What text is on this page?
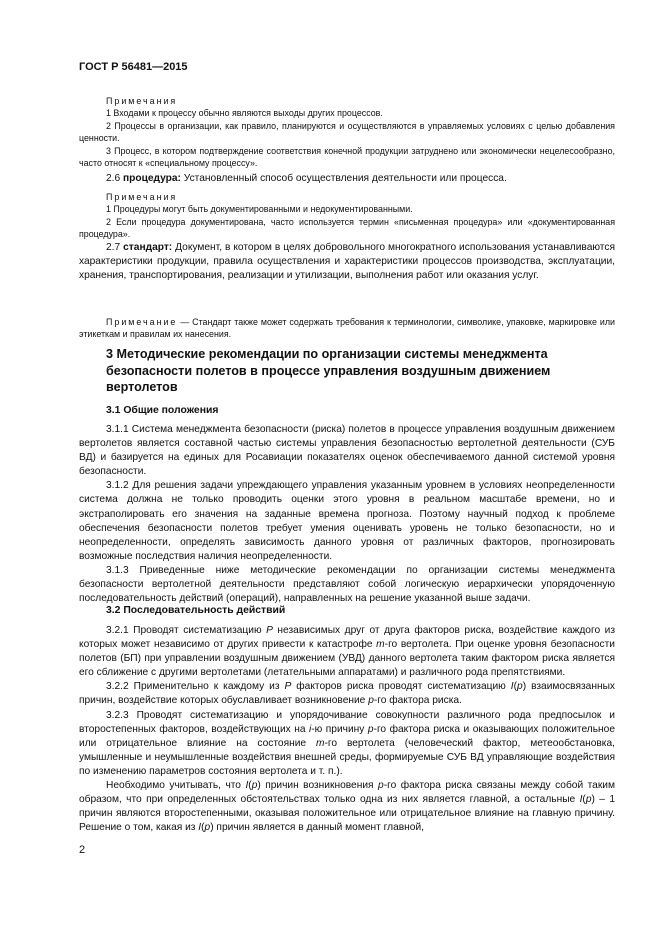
ГОСТ Р 56481—2015

Примечания

1 Входами к процессу обычно являются выходы других процессов.

2 Процессы в организации, как правило, планируются и осуществляются в управляемых условиях с целью добавления ценности.

3 Процесс, в котором подтверждение соответствия конечной продукции затруднено или экономически нецелесообразно, часто относят к «специальному процессу».

2.6 процедура: Установленный способ осуществления деятельности или процесса.

Примечания

1 Процедуры могут быть документированными и недокументированными.

2 Если процедура документирована, часто используется термин «письменная процедура» или «документированная процедура».

2.7 стандарт: Документ, в котором в целях добровольного многократного использования устанавливаются характеристики продукции, правила осуществления и характеристики процессов производства, эксплуатации, хранения, транспортирования, реализации и утилизации, выполнения работ или оказания услуг.

Примечание — Стандарт также может содержать требования к терминологии, символике, упаковке, маркировке или этикеткам и правилам их нанесения.

3 Методические рекомендации по организации системы менеджмента безопасности полетов в процессе управления воздушным движением вертолетов

3.1 Общие положения

3.1.1 Система менеджмента безопасности (риска) полетов в процессе управления воздушным движением вертолетов является составной частью системы управления безопасностью вертолетной деятельности (СУБ ВД) и базируется на единых для Росавиации показателях оценок обеспечиваемого данной системой уровня безопасности.

3.1.2 Для решения задачи упреждающего управления указанным уровнем в условиях неопределенности система должна не только проводить оценки этого уровня в реальном масштабе времени, но и экстраполировать его значения на заданные времена прогноза. Поэтому научный подход к проблеме обеспечения безопасности полетов требует умения оценивать уровень не только безопасности, но и неопределенности, определять зависимость данного уровня от различных факторов, прогнозировать возможные последствия наличия неопределенности.

3.1.3 Приведенные ниже методические рекомендации по организации системы менеджмента безопасности вертолетной деятельности представляют собой логическую иерархически упорядоченную последовательность действий (операций), направленных на решение указанной выше задачи.

3.2 Последовательность действий

3.2.1 Проводят систематизацию P независимых друг от друга факторов риска, воздействие каждого из которых может независимо от других привести к катастрофе m-го вертолета. При оценке уровня безопасности полетов (БП) при управлении воздушным движением (УВД) данного вертолета таким фактором риска является его сближение с другими вертолетами (летательными аппаратами) и различного рода препятствиями.

3.2.2 Применительно к каждому из P факторов риска проводят систематизацию I(p) взаимосвязанных причин, воздействие которых обуславливает возникновение p-го фактора риска.

3.2.3 Проводят систематизацию и упорядочивание совокупности различного рода предпосылок и второстепенных факторов, воздействующих на i-ю причину p-го фактора риска и оказывающих положительное или отрицательное влияние на состояние m-го вертолета (человеческий фактор, метеообстановка, умышленные и неумышленные воздействия внешней среды, формируемые СУБ ВД управляющие воздействия по изменению параметров состояния вертолета и т. п.).

Необходимо учитывать, что I(p) причин возникновения p-го фактора риска связаны между собой таким образом, что при определенных обстоятельствах только одна из них является главной, а остальные I(p) – 1 причин являются второстепенными, оказывая положительное или отрицательное влияние на главную причину. Решение о том, какая из I(p) причин является в данный момент главной,

2
